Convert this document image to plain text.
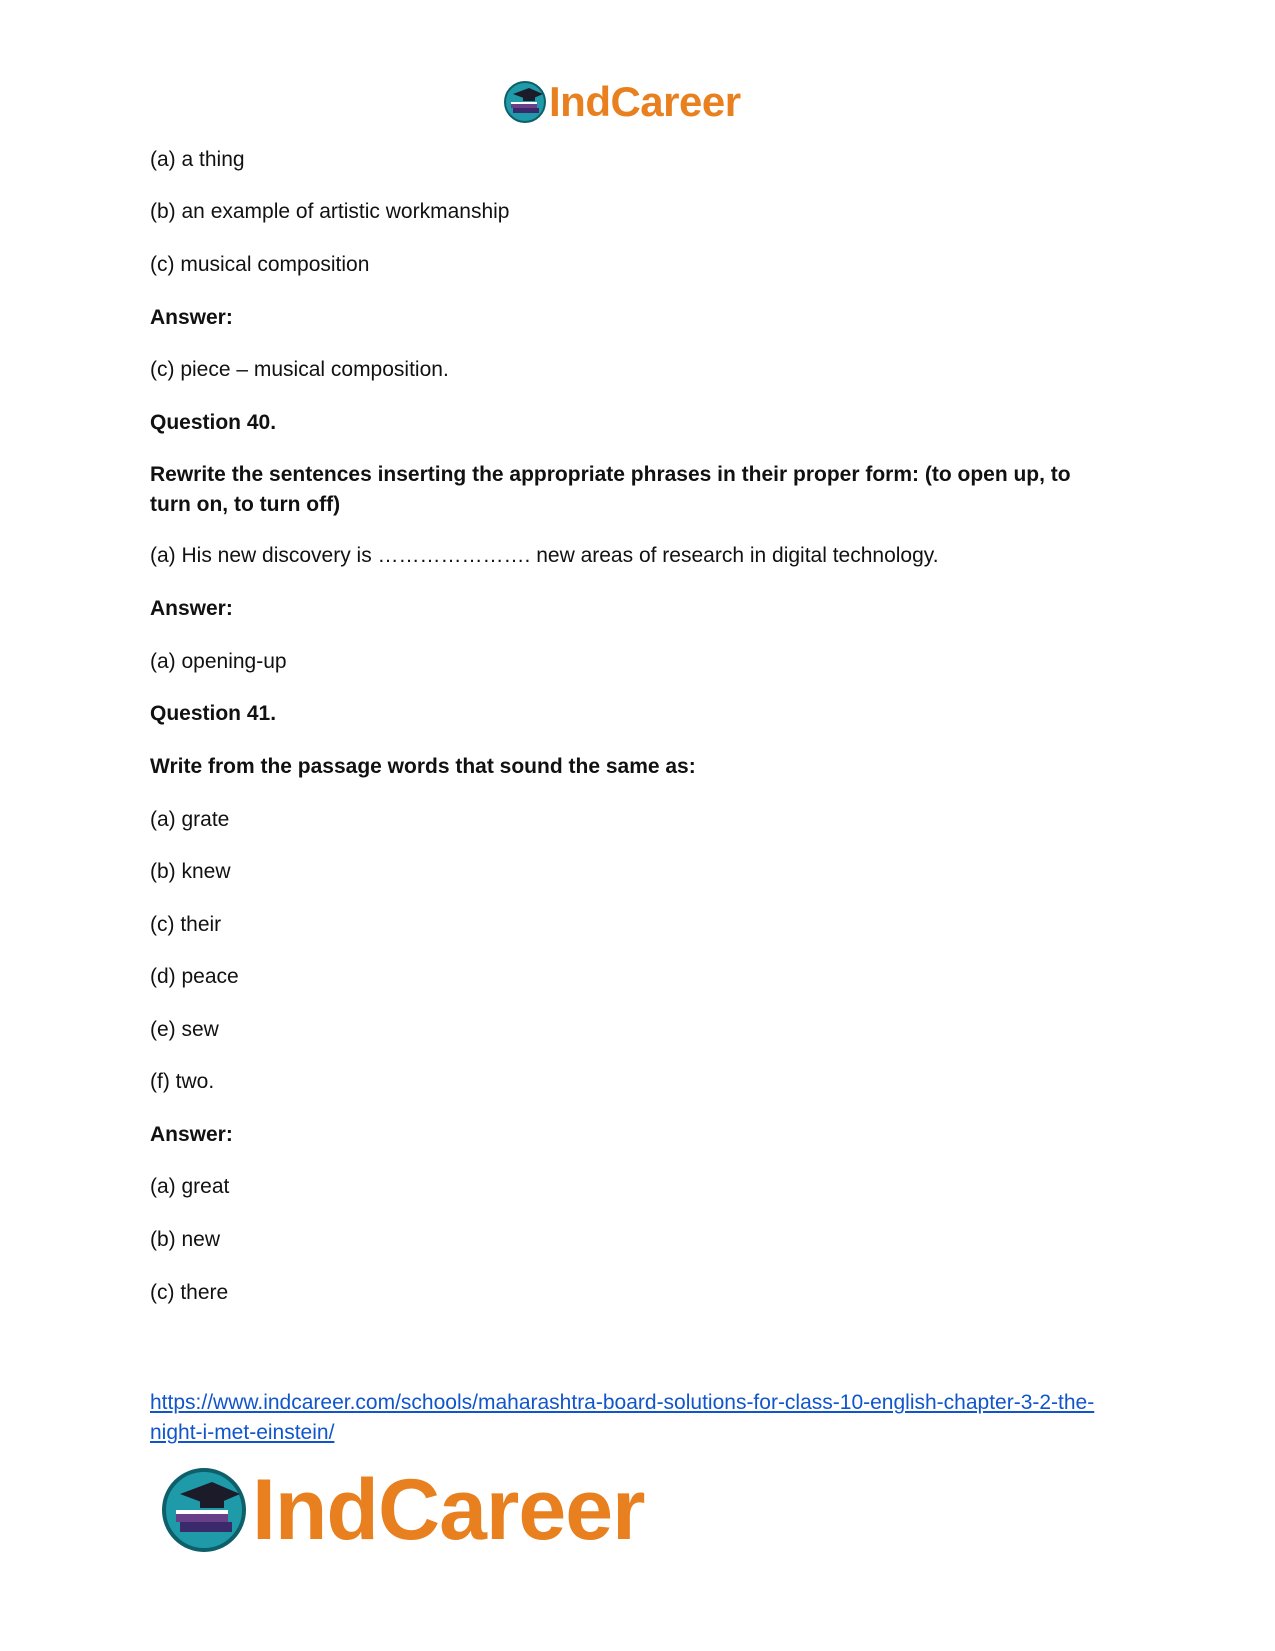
IndCareer
(a) a thing
(b) an example of artistic workmanship
(c) musical composition
Answer:
(c) piece – musical composition.
Question 40.
Rewrite the sentences inserting the appropriate phrases in their proper form: (to open up, to turn on, to turn off)
(a) His new discovery is …………………. new areas of research in digital technology.
Answer:
(a) opening-up
Question 41.
Write from the passage words that sound the same as:
(a) grate
(b) knew
(c) their
(d) peace
(e) sew
(f) two.
Answer:
(a) great
(b) new
(c) there
https://www.indcareer.com/schools/maharashtra-board-solutions-for-class-10-english-chapter-3-2-the-night-i-met-einstein/
IndCareer
